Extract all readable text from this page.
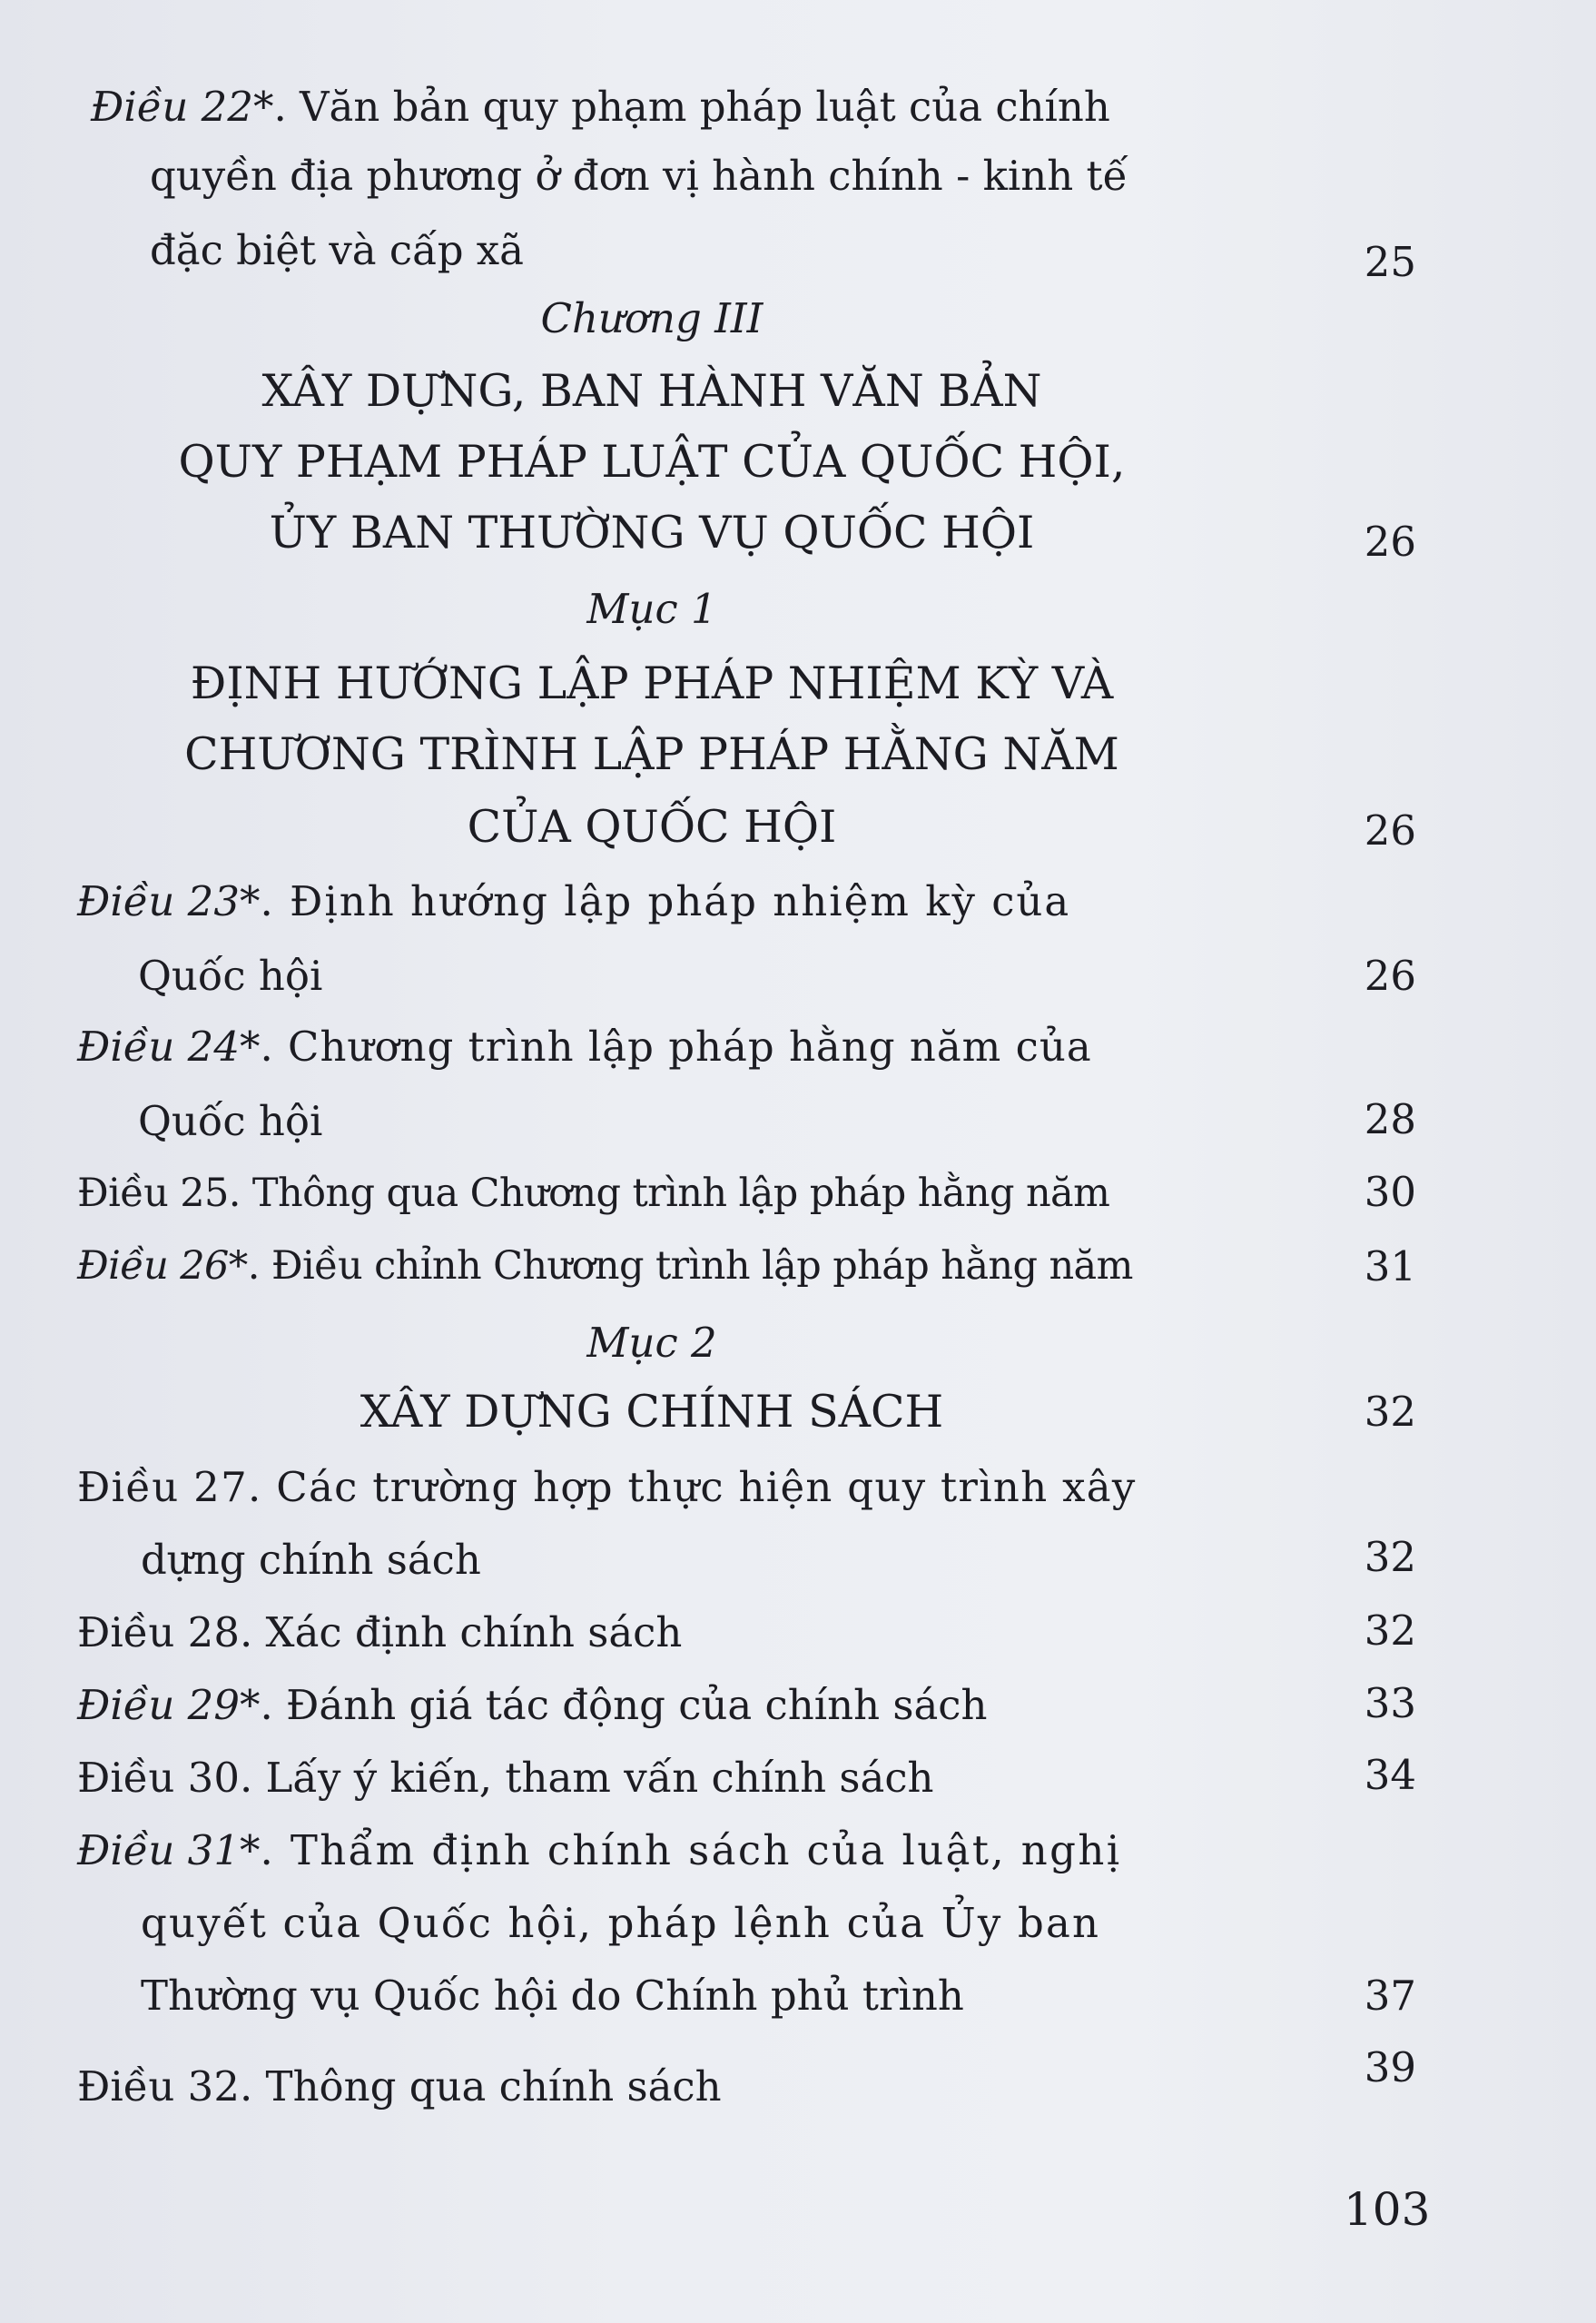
Điều 22*. Văn bản quy phạm pháp luật của chính
quyền địa phương ở đơn vị hành chính - kinh tế
đặc biệt và cấp xã	25
Chương III
XÂY DỰNG, BAN HÀNH VĂN BẢN
QUY PHẠM PHÁP LUẬT CỦA QUỐC HỘI,
ỦY BAN THƯỜNG VỤ QUỐC HỘI	26
Mục 1
ĐỊNH HƯỚNG LẬP PHÁP NHIỆM KỲ VÀ
CHƯƠNG TRÌNH LẬP PHÁP HẰNG NĂM
CỦA QUỐC HỘI	26
Điều 23*. Định hướng lập pháp nhiệm kỳ của
Quốc hội	26
Điều 24*. Chương trình lập pháp hằng năm của
Quốc hội	28
Điều 25. Thông qua Chương trình lập pháp hằng năm	30
Điều 26*. Điều chỉnh Chương trình lập pháp hằng năm	31
Mục 2
XÂY DỰNG CHÍNH SÁCH	32
Điều 27. Các trường hợp thực hiện quy trình xây
dựng chính sách	32
Điều 28. Xác định chính sách	32
Điều 29*. Đánh giá tác động của chính sách	33
Điều 30. Lấy ý kiến, tham vấn chính sách	34
Điều 31*. Thẩm định chính sách của luật, nghị
quyết của Quốc hội, pháp lệnh của Ủy ban
Thường vụ Quốc hội do Chính phủ trình	37
Điều 32. Thông qua chính sách	39
103
